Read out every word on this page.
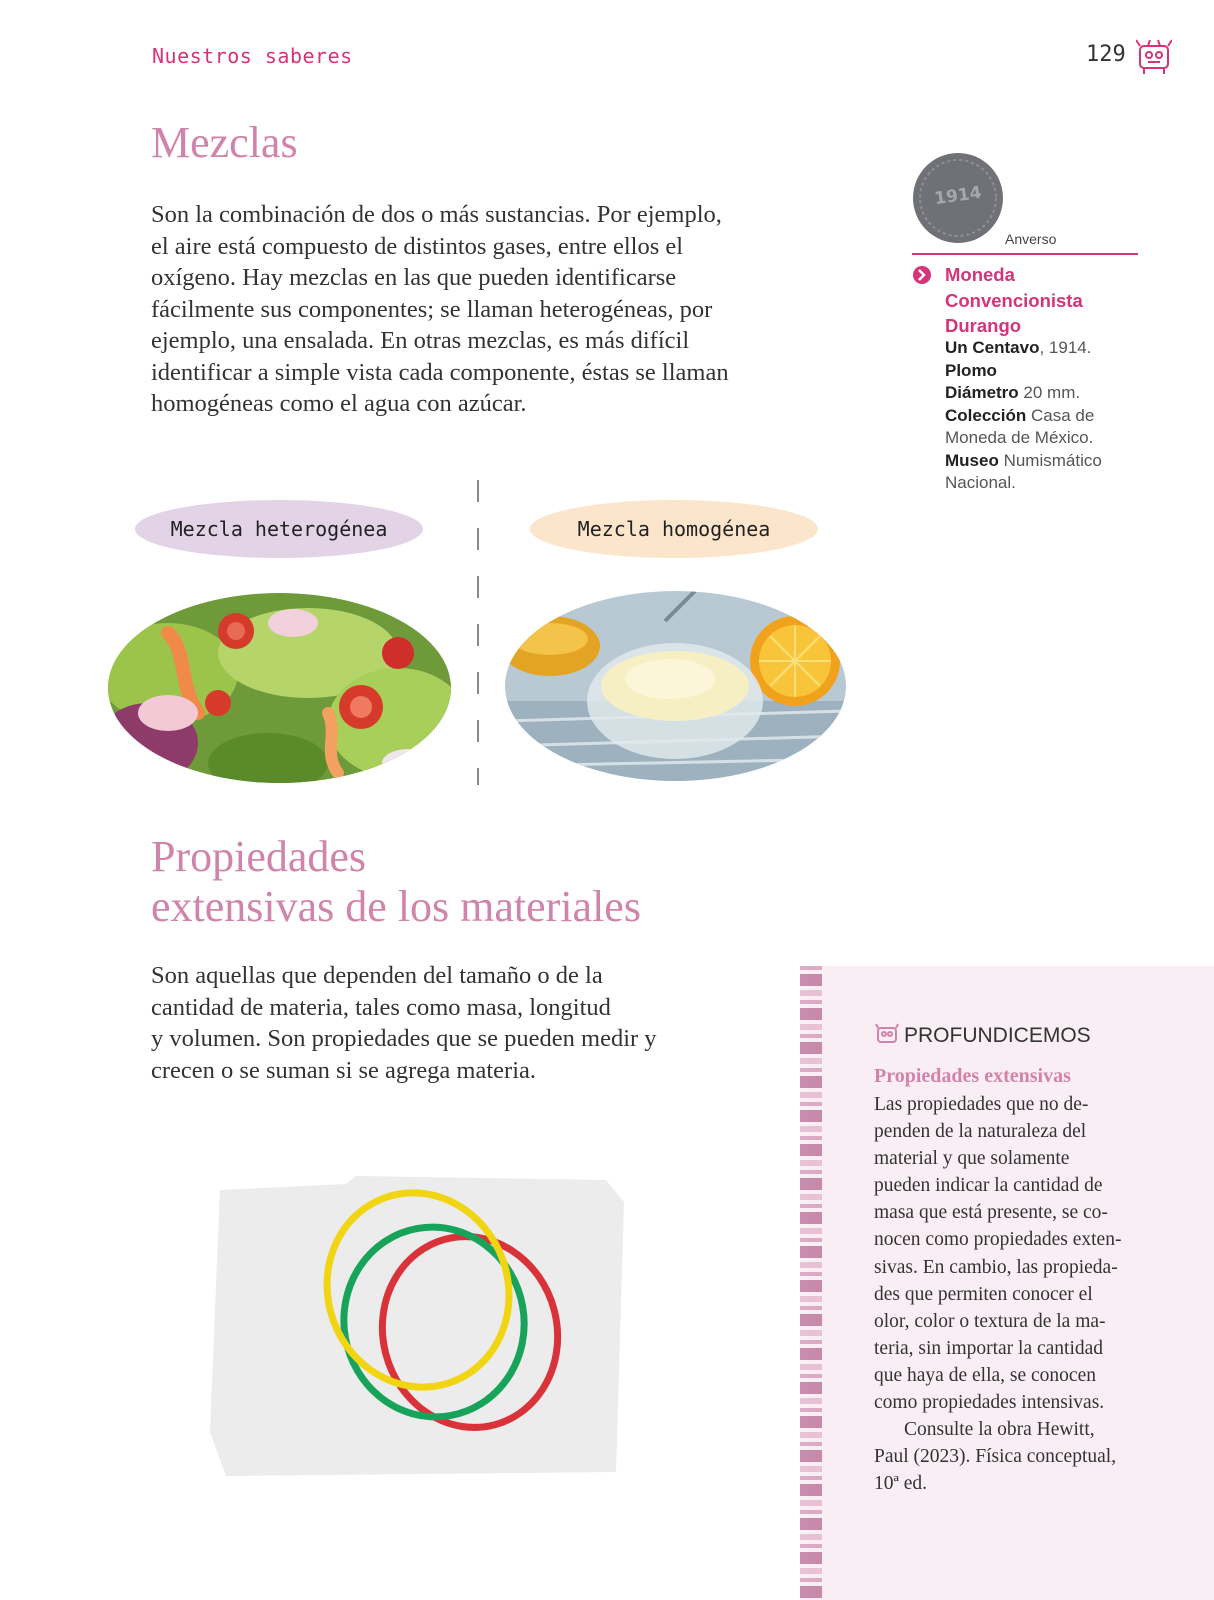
Nuestros saberes	129
Mezclas
Son la combinación de dos o más sustancias. Por ejemplo,
el aire está compuesto de distintos gases, entre ellos el
oxígeno. Hay mezclas en las que pueden identificarse
fácilmente sus componentes; se llaman heterogéneas, por
ejemplo, una ensalada. En otras mezclas, es más difícil
identificar a simple vista cada componente, éstas se llaman
homogéneas como el agua con azúcar.
Mezcla heterogénea	Mezcla homogénea
1914
Anverso
Moneda
Convencionista
Durango
Un Centavo, 1914.
Plomo
Diámetro 20 mm.
Colección Casa de
Moneda de México.
Museo Numismático
Nacional.
Propiedades
extensivas de los materiales
Son aquellas que dependen del tamaño o de la
cantidad de materia, tales como masa, longitud
y volumen. Son propiedades que se pueden medir y
crecen o se suman si se agrega materia.
PROFUNDICEMOS
Propiedades extensivas
Las propiedades que no de-
penden de la naturaleza del
material y que solamente
pueden indicar la cantidad de
masa que está presente, se co-
nocen como propiedades exten-
sivas. En cambio, las propieda-
des que permiten conocer el
olor, color o textura de la ma-
teria, sin importar la cantidad
que haya de ella, se conocen
como propiedades intensivas.
Consulte la obra Hewitt,
Paul (2023). Física conceptual,
10ª ed.
